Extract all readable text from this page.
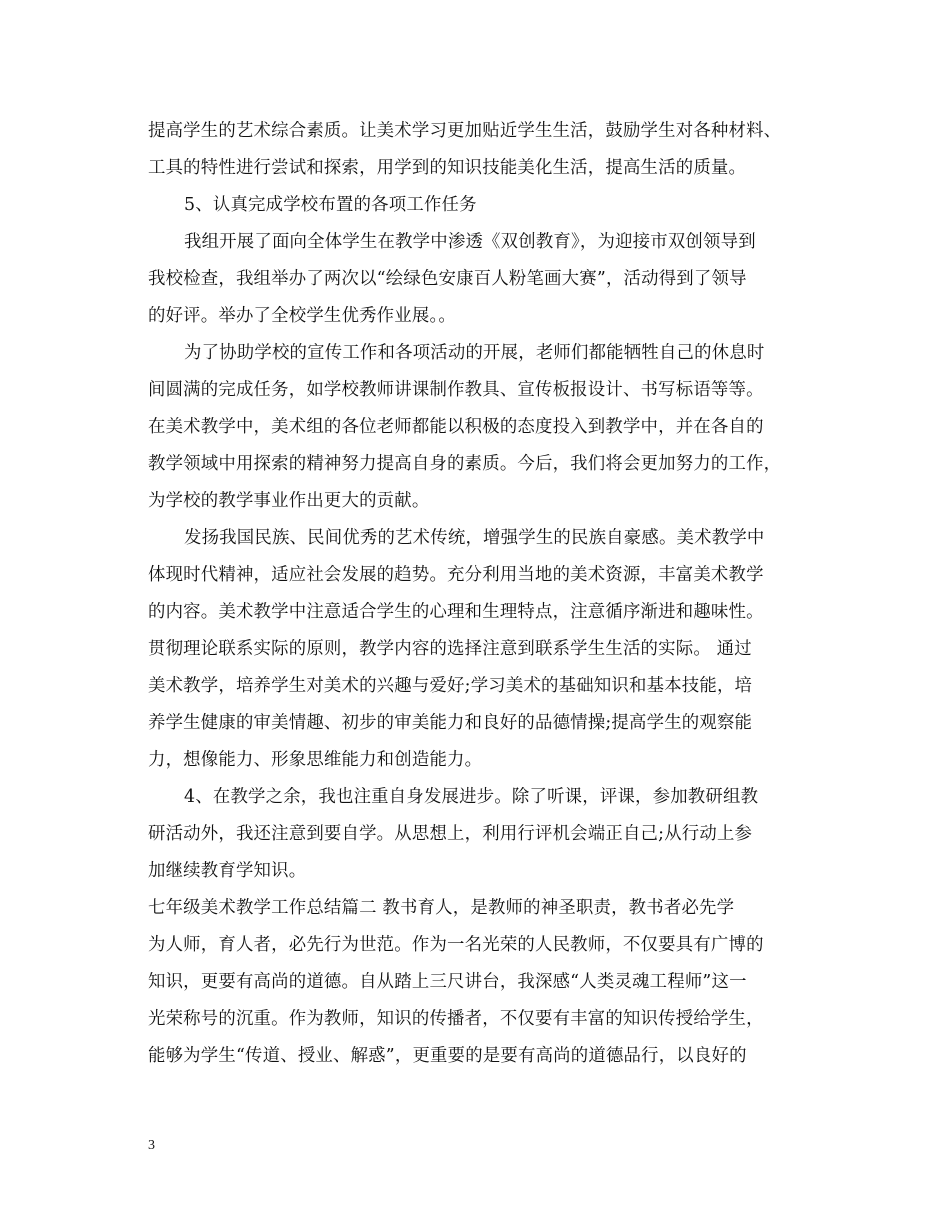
提高学生的艺术综合素质。让美术学习更加贴近学生生活，鼓励学生对各种材料、
工具的特性进行尝试和探索，用学到的知识技能美化生活，提高生活的质量。
5、认真完成学校布置的各项工作任务
我组开展了面向全体学生在教学中渗透《双创教育》，为迎接市双创领导到
我校检查，我组举办了两次以“绘绿色安康百人粉笔画大赛”，活动得到了领导
的好评。举办了全校学生优秀作业展。。
为了协助学校的宣传工作和各项活动的开展，老师们都能牺牲自己的休息时
间圆满的完成任务，如学校教师讲课制作教具、宣传板报设计、书写标语等等。
在美术教学中，美术组的各位老师都能以积极的态度投入到教学中，并在各自的
教学领域中用探索的精神努力提高自身的素质。今后，我们将会更加努力的工作，
为学校的教学事业作出更大的贡献。
发扬我国民族、民间优秀的艺术传统，增强学生的民族自豪感。美术教学中
体现时代精神，适应社会发展的趋势。充分利用当地的美术资源，丰富美术教学
的内容。美术教学中注意适合学生的心理和生理特点，注意循序渐进和趣味性。
贯彻理论联系实际的原则，教学内容的选择注意到联系学生生活的实际。 通过
美术教学，培养学生对美术的兴趣与爱好;学习美术的基础知识和基本技能，培
养学生健康的审美情趣、初步的审美能力和良好的品德情操;提高学生的观察能
力，想像能力、形象思维能力和创造能力。
4、在教学之余，我也注重自身发展进步。除了听课，评课，参加教研组教
研活动外，我还注意到要自学。从思想上，利用行评机会端正自己;从行动上参
加继续教育学知识。
七年级美术教学工作总结篇二 教书育人，是教师的神圣职责，教书者必先学
为人师，育人者，必先行为世范。作为一名光荣的人民教师，不仅要具有广博的
知识，更要有高尚的道德。自从踏上三尺讲台，我深感“人类灵魂工程师”这一
光荣称号的沉重。作为教师，知识的传播者，不仅要有丰富的知识传授给学生，
能够为学生“传道、授业、解惑”，更重要的是要有高尚的道德品行，以良好的
3
